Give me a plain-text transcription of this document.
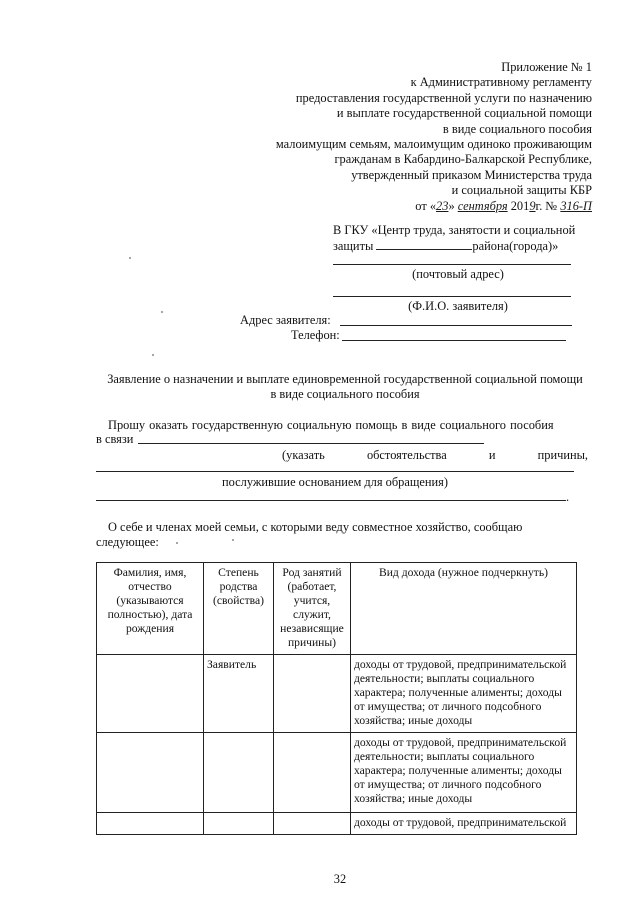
Приложение № 1
к Административному регламенту
предоставления государственной услуги по назначению
и выплате государственной социальной помощи
в виде социального пособия
малоимущим семьям, малоимущим одиноко проживающим
гражданам в Кабардино-Балкарской Республике,
утвержденный приказом Министерства труда
и социальной защиты КБР
от «23» сентября 2019г. № 316-П
В ГКУ «Центр труда, занятости и социальной
защиты	района(города)»
(почтовый адрес)
(Ф.И.О. заявителя)
Адрес заявителя:
Телефон:
Заявление о назначении и выплате единовременной государственной социальной помощи
в виде социального пособия
Прошу оказать государственную социальную помощь в виде социального пособия
в связи
(указать	обстоятельства	и	причины,
послужившие основанием для обращения)
.
О себе и членах моей семьи, с которыми веду совместное хозяйство, сообщаю
следующее:
Фамилия, имя, отчество (указываются полностью), дата рождения	Степень родства (свойства)	Род занятий (работает, учится, служит, независящие причины)	Вид дохода (нужное подчеркнуть)
	Заявитель		доходы от трудовой, предпринимательской деятельности; выплаты социального характера; полученные алименты; доходы от имущества; от личного подсобного хозяйства; иные доходы
			доходы от трудовой, предпринимательской деятельности; выплаты социального характера; полученные алименты; доходы от имущества; от личного подсобного хозяйства; иные доходы
			доходы от трудовой, предпринимательской
32
